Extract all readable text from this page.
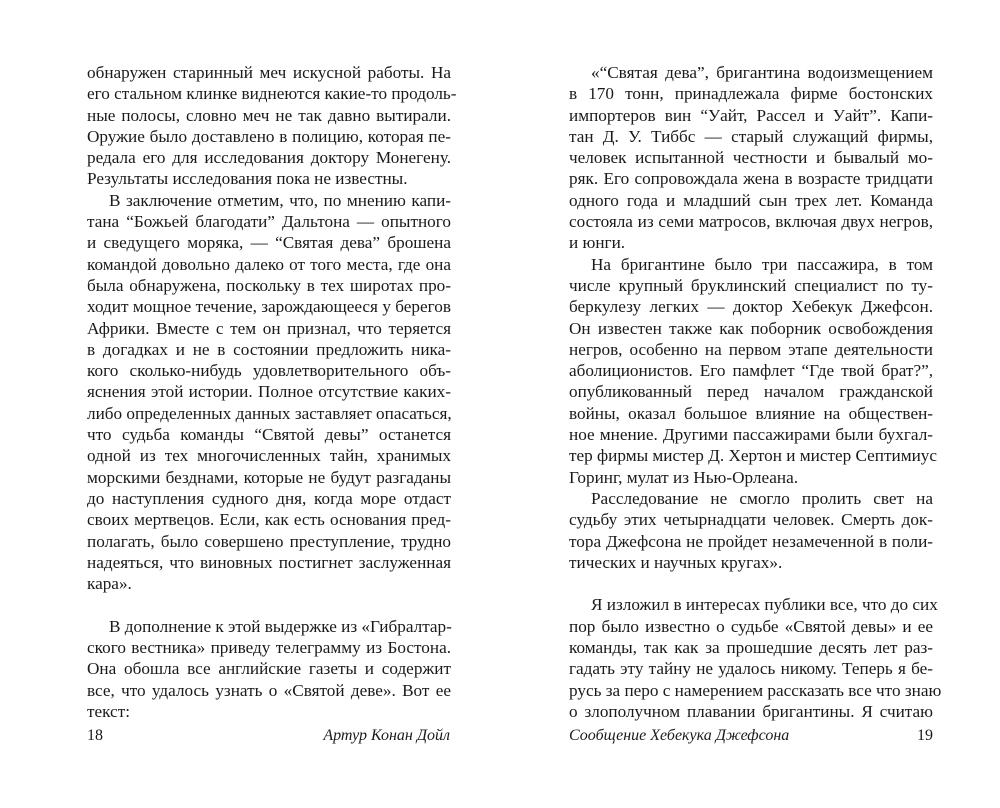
обнаружен старинный меч искусной работы. На
его стальном клинке виднеются какие-то продоль-
ные полосы, словно меч не так давно вытирали.
Оружие было доставлено в полицию, которая пе-
редала его для исследования доктору Монегену.
Результаты исследования пока не известны.
В заключение отметим, что, по мнению капи-
тана “Божьей благодати” Дальтона — опытного
и сведущего моряка, — “Святая дева” брошена
командой довольно далеко от того места, где она
была обнаружена, поскольку в тех широтах про-
ходит мощное течение, зарождающееся у берегов
Африки. Вместе с тем он признал, что теряется
в догадках и не в состоянии предложить ника-
кого сколько-нибудь удовлетворительного объ-
яснения этой истории. Полное отсутствие каких-
либо определенных данных заставляет опасаться,
что судьба команды “Святой девы” останется
одной из тех многочисленных тайн, хранимых
морскими безднами, которые не будут разгаданы
до наступления судного дня, когда море отдаст
своих мертвецов. Если, как есть основания пред-
полагать, было совершено преступление, трудно
надеяться, что виновных постигнет заслуженная
кара».
В дополнение к этой выдержке из «Гибралтар-
ского вестника» приведу телеграмму из Бостона.
Она обошла все английские газеты и содержит
все, что удалось узнать о «Святой деве». Вот ее
текст:
18	Артур Конан Дойл
«“Святая дева”, бригантина водоизмещением
в 170 тонн, принадлежала фирме бостонских
импортеров вин “Уайт, Рассел и Уайт”. Капи-
тан Д. У. Тиббс — старый служащий фирмы,
человек испытанной честности и бывалый мо-
ряк. Его сопровождала жена в возрасте тридцати
одного года и младший сын трех лет. Команда
состояла из семи матросов, включая двух негров,
и юнги.
На бригантине было три пассажира, в том
числе крупный бруклинский специалист по ту-
беркулезу легких — доктор Хебекук Джефсон.
Он известен также как поборник освобождения
негров, особенно на первом этапе деятельности
аболиционистов. Его памфлет “Где твой брат?”,
опубликованный перед началом гражданской
войны, оказал большое влияние на обществен-
ное мнение. Другими пассажирами были бухгал-
тер фирмы мистер Д. Хертон и мистер Септимиус
Горинг, мулат из Нью-Орлеана.
Расследование не смогло пролить свет на
судьбу этих четырнадцати человек. Смерть док-
тора Джефсона не пройдет незамеченной в поли-
тических и научных кругах».
Я изложил в интересах публики все, что до сих
пор было известно о судьбе «Святой девы» и ее
команды, так как за прошедшие десять лет раз-
гадать эту тайну не удалось никому. Теперь я бе-
русь за перо с намерением рассказать все что знаю
о злополучном плавании бригантины. Я считаю
Сообщение Хебекука Джефсона	19
